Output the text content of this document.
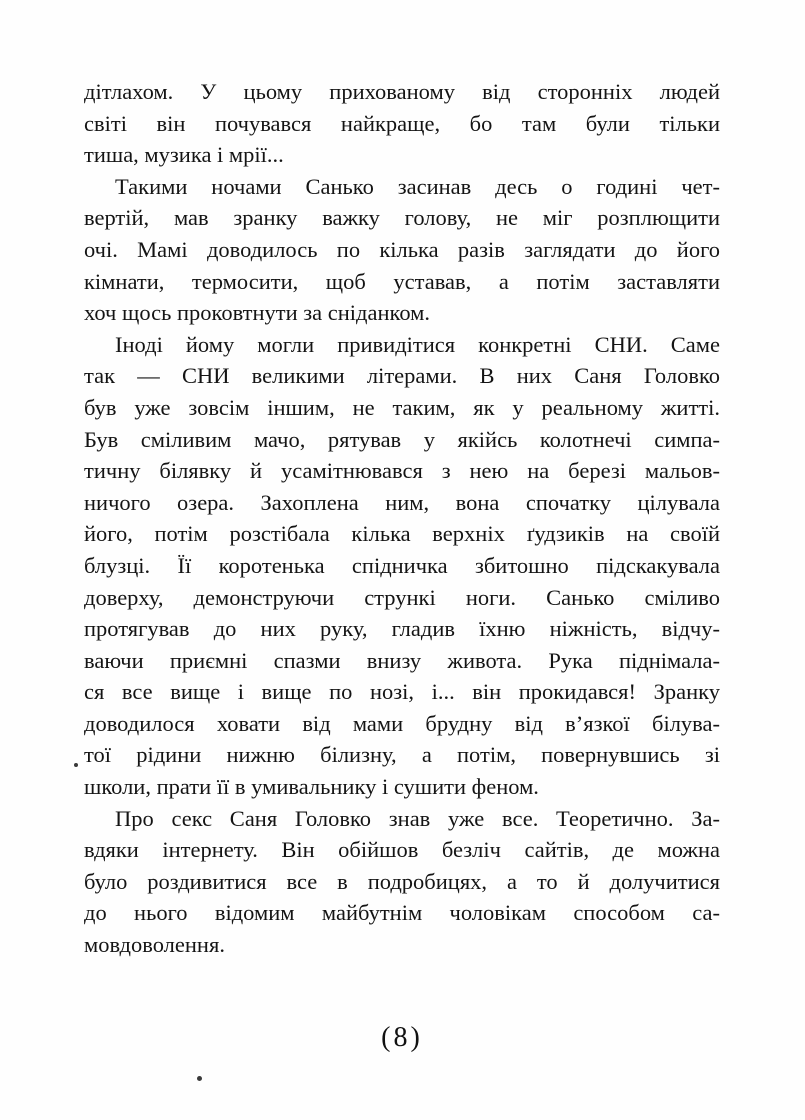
дітлахом. У цьому прихованому від сторонніх людей
світі він почувався найкраще, бо там були тільки
тиша, музика і мрії...
Такими ночами Санько засинав десь о годині чет-
вертій, мав зранку важку голову, не міг розплющити
очі. Мамі доводилось по кілька разів заглядати до його
кімнати, термосити, щоб уставав, а потім заставляти
хоч щось проковтнути за сніданком.
Іноді йому могли привидітися конкретні СНИ. Саме
так — СНИ великими літерами. В них Саня Головко
був уже зовсім іншим, не таким, як у реальному житті.
Був сміливим мачо, рятував у якійсь колотнечі симпа-
тичну білявку й усамітнювався з нею на березі мальов-
ничого озера. Захоплена ним, вона спочатку цілувала
його, потім розстібала кілька верхніх ґудзиків на своїй
блузці. Її коротенька спідничка збитошно підскакувала
доверху, демонструючи стрункі ноги. Санько сміливо
протягував до них руку, гладив їхню ніжність, відчу-
ваючи приємні спазми внизу живота. Рука піднімала-
ся все вище і вище по нозі, і... він прокидався! Зранку
доводилося ховати від мами брудну від в’язкої білува-
тої рідини нижню білизну, а потім, повернувшись зі
школи, прати її в умивальнику і сушити феном.
Про секс Саня Головко знав уже все. Теоретично. За-
вдяки інтернету. Він обійшов безліч сайтів, де можна
було роздивитися все в подробицях, а то й долучитися
до нього відомим майбутнім чоловікам способом са-
мовдоволення.
(8)
